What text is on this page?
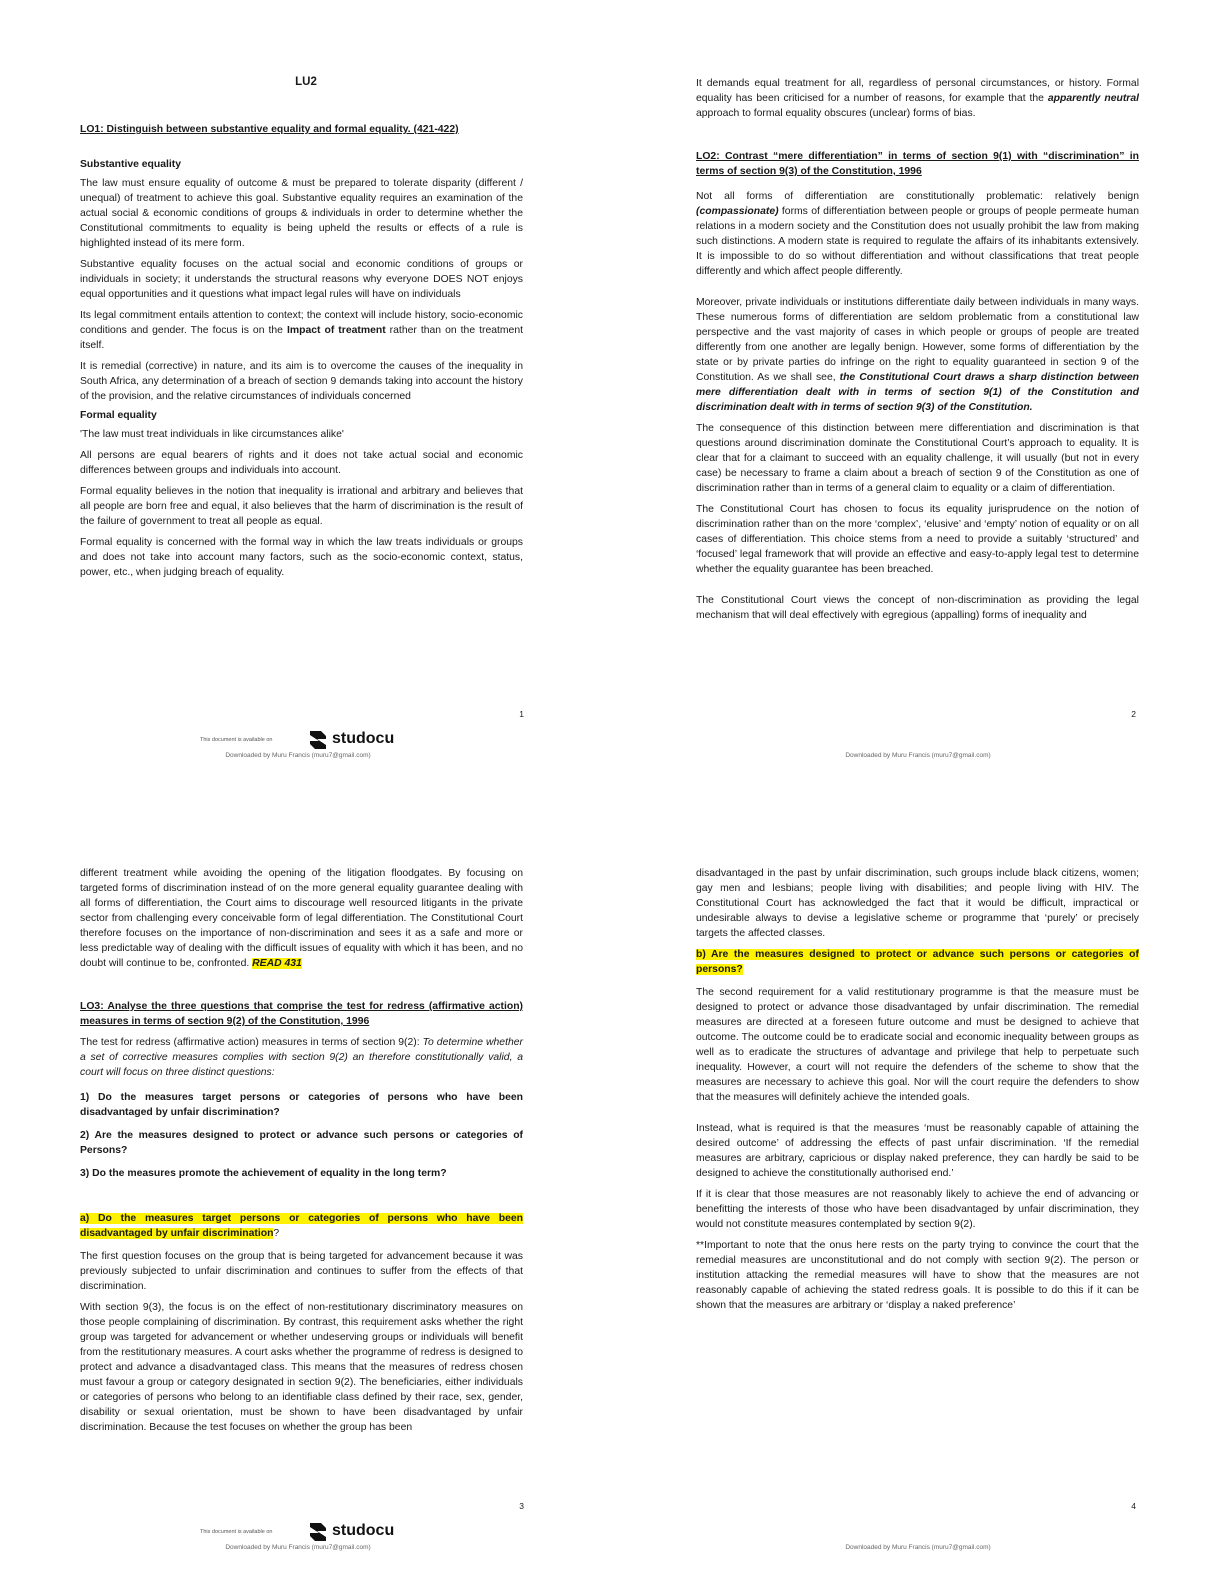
LU2

LO1: Distinguish between substantive equality and formal equality. (421-422)

Substantive equality

The law must ensure equality of outcome & must be prepared to tolerate disparity (different / unequal) of treatment to achieve this goal. Substantive equality requires an examination of the actual social & economic conditions of groups & individuals in order to determine whether the Constitutional commitments to equality is being upheld the results or effects of a rule is highlighted instead of its mere form.

Substantive equality focuses on the actual social and economic conditions of groups or individuals in society; it understands the structural reasons why everyone DOES NOT enjoys equal opportunities and it questions what impact legal rules will have on individuals

Its legal commitment entails attention to context; the context will include history, socio-economic conditions and gender. The focus is on the Impact of treatment rather than on the treatment itself.

It is remedial (corrective) in nature, and its aim is to overcome the causes of the inequality in South Africa, any determination of a breach of section 9 demands taking into account the history of the provision, and the relative circumstances of individuals concerned

Formal equality

'The law must treat individuals in like circumstances alike'

All persons are equal bearers of rights and it does not take actual social and economic differences between groups and individuals into account.

Formal equality believes in the notion that inequality is irrational and arbitrary and believes that all people are born free and equal, it also believes that the harm of discrimination is the result of the failure of government to treat all people as equal.

Formal equality is concerned with the formal way in which the law treats individuals or groups and does not take into account many factors, such as the socio-economic context, status, power, etc., when judging breach of equality.

1
This document is available on	studocu
Downloaded by Muru Francis (muru7@gmail.com)

It demands equal treatment for all, regardless of personal circumstances, or history. Formal equality has been criticised for a number of reasons, for example that the apparently neutral approach to formal equality obscures (unclear) forms of bias.

LO2: Contrast “mere differentiation” in terms of section 9(1) with “discrimination” in terms of section 9(3) of the Constitution, 1996

Not all forms of differentiation are constitutionally problematic: relatively benign (compassionate) forms of differentiation between people or groups of people permeate human relations in a modern society and the Constitution does not usually prohibit the law from making such distinctions. A modern state is required to regulate the affairs of its inhabitants extensively. It is impossible to do so without differentiation and without classifications that treat people differently and which affect people differently.

Moreover, private individuals or institutions differentiate daily between individuals in many ways. These numerous forms of differentiation are seldom problematic from a constitutional law perspective and the vast majority of cases in which people or groups of people are treated differently from one another are legally benign. However, some forms of differentiation by the state or by private parties do infringe on the right to equality guaranteed in section 9 of the Constitution. As we shall see, the Constitutional Court draws a sharp distinction between mere differentiation dealt with in terms of section 9(1) of the Constitution and discrimination dealt with in terms of section 9(3) of the Constitution.

The consequence of this distinction between mere differentiation and discrimination is that questions around discrimination dominate the Constitutional Court’s approach to equality. It is clear that for a claimant to succeed with an equality challenge, it will usually (but not in every case) be necessary to frame a claim about a breach of section 9 of the Constitution as one of discrimination rather than in terms of a general claim to equality or a claim of differentiation.

The Constitutional Court has chosen to focus its equality jurisprudence on the notion of discrimination rather than on the more ‘complex’, ‘elusive’ and ‘empty’ notion of equality or on all cases of differentiation. This choice stems from a need to provide a suitably ‘structured’ and ‘focused’ legal framework that will provide an effective and easy-to-apply legal test to determine whether the equality guarantee has been breached.

The Constitutional Court views the concept of non-discrimination as providing the legal mechanism that will deal effectively with egregious (appalling) forms of inequality and

2
Downloaded by Muru Francis (muru7@gmail.com)

different treatment while avoiding the opening of the litigation floodgates. By focusing on targeted forms of discrimination instead of on the more general equality guarantee dealing with all forms of differentiation, the Court aims to discourage well resourced litigants in the private sector from challenging every conceivable form of legal differentiation. The Constitutional Court therefore focuses on the importance of non-discrimination and sees it as a safe and more or less predictable way of dealing with the difficult issues of equality with which it has been, and no doubt will continue to be, confronted. READ 431

LO3: Analyse the three questions that comprise the test for redress (affirmative action) measures in terms of section 9(2) of the Constitution, 1996

The test for redress (affirmative action) measures in terms of section 9(2): To determine whether a set of corrective measures complies with section 9(2) an therefore constitutionally valid, a court will focus on three distinct questions:

1) Do the measures target persons or categories of persons who have been disadvantaged by unfair discrimination?

2) Are the measures designed to protect or advance such persons or categories of Persons?

3) Do the measures promote the achievement of equality in the long term?

a) Do the measures target persons or categories of persons who have been disadvantaged by unfair discrimination?

The first question focuses on the group that is being targeted for advancement because it was previously subjected to unfair discrimination and continues to suffer from the effects of that discrimination.

With section 9(3), the focus is on the effect of non-restitutionary discriminatory measures on those people complaining of discrimination. By contrast, this requirement asks whether the right group was targeted for advancement or whether undeserving groups or individuals will benefit from the restitutionary measures. A court asks whether the programme of redress is designed to protect and advance a disadvantaged class. This means that the measures of redress chosen must favour a group or category designated in section 9(2). The beneficiaries, either individuals or categories of persons who belong to an identifiable class defined by their race, sex, gender, disability or sexual orientation, must be shown to have been disadvantaged by unfair discrimination. Because the test focuses on whether the group has been

3
This document is available on	studocu
Downloaded by Muru Francis (muru7@gmail.com)

disadvantaged in the past by unfair discrimination, such groups include black citizens, women; gay men and lesbians; people living with disabilities; and people living with HIV. The Constitutional Court has acknowledged the fact that it would be difficult, impractical or undesirable always to devise a legislative scheme or programme that ‘purely’ or precisely targets the affected classes.

b) Are the measures designed to protect or advance such persons or categories of persons?

The second requirement for a valid restitutionary programme is that the measure must be designed to protect or advance those disadvantaged by unfair discrimination. The remedial measures are directed at a foreseen future outcome and must be designed to achieve that outcome. The outcome could be to eradicate social and economic inequality between groups as well as to eradicate the structures of advantage and privilege that help to perpetuate such inequality. However, a court will not require the defenders of the scheme to show that the measures are necessary to achieve this goal. Nor will the court require the defenders to show that the measures will definitely achieve the intended goals.

Instead, what is required is that the measures ‘must be reasonably capable of attaining the desired outcome’ of addressing the effects of past unfair discrimination. ‘If the remedial measures are arbitrary, capricious or display naked preference, they can hardly be said to be designed to achieve the constitutionally authorised end.’

If it is clear that those measures are not reasonably likely to achieve the end of advancing or benefitting the interests of those who have been disadvantaged by unfair discrimination, they would not constitute measures contemplated by section 9(2).

**Important to note that the onus here rests on the party trying to convince the court that the remedial measures are unconstitutional and do not comply with section 9(2). The person or institution attacking the remedial measures will have to show that the measures are not reasonably capable of achieving the stated redress goals. It is possible to do this if it can be shown that the measures are arbitrary or ‘display a naked preference’

4
Downloaded by Muru Francis (muru7@gmail.com)
